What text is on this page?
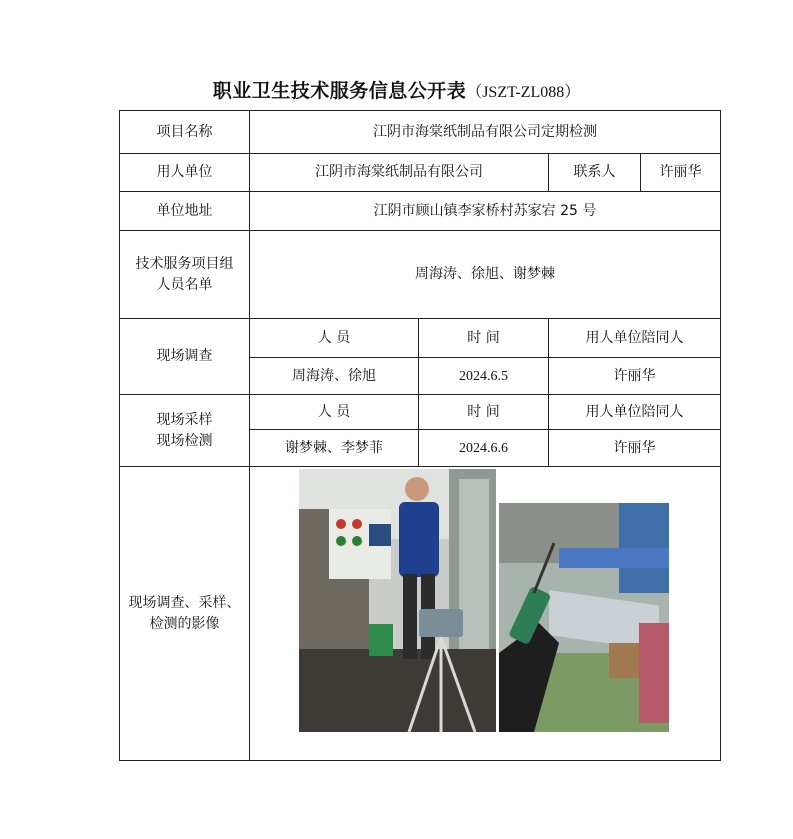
职业卫生技术服务信息公开表（JSZT-ZL088）
项目名称	江阴市海棠纸制品有限公司定期检测			
用人单位	江阴市海棠纸制品有限公司		联系人	许丽华
单位地址	江阴市顾山镇李家桥村苏家宕 25 号			

技术服务项目组
人员名单	周海涛、徐旭、谢梦棘			
现场调查	人 员	时 间	用人单位陪同人	
	周海涛、徐旭	2024.6.5	许丽华	

现场采样
现场检测	人 员	时 间	用人单位陪同人	
	谢梦棘、李梦菲	2024.6.6	许丽华	

现场调查、采样、
检测的影像
